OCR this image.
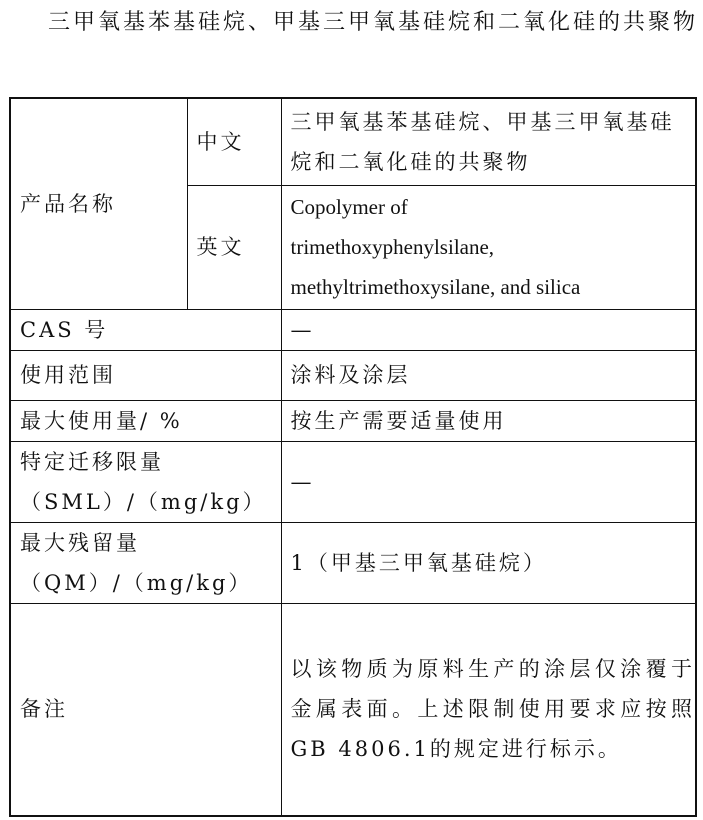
三甲氧基苯基硅烷、甲基三甲氧基硅烷和二氧化硅的共聚物
产品名称	中文	三甲氧基苯基硅烷、甲基三甲氧基硅烷和二氧化硅的共聚物
	英文	Copolymer of
trimethoxyphenylsilane,
methyltrimethoxysilane, and silica

CAS 号		—
使用范围		涂料及涂层
最大使用量/ %		按生产需要适量使用

特定迁移限量
（SML）/（mg/kg）		—

最大残留量
（QM）/（mg/kg）		1（甲基三甲氧基硅烷）
备注		以该物质为原料生产的涂层仅涂覆于金属表面。上述限制使用要求应按照GB 4806.1的规定进行标示。
